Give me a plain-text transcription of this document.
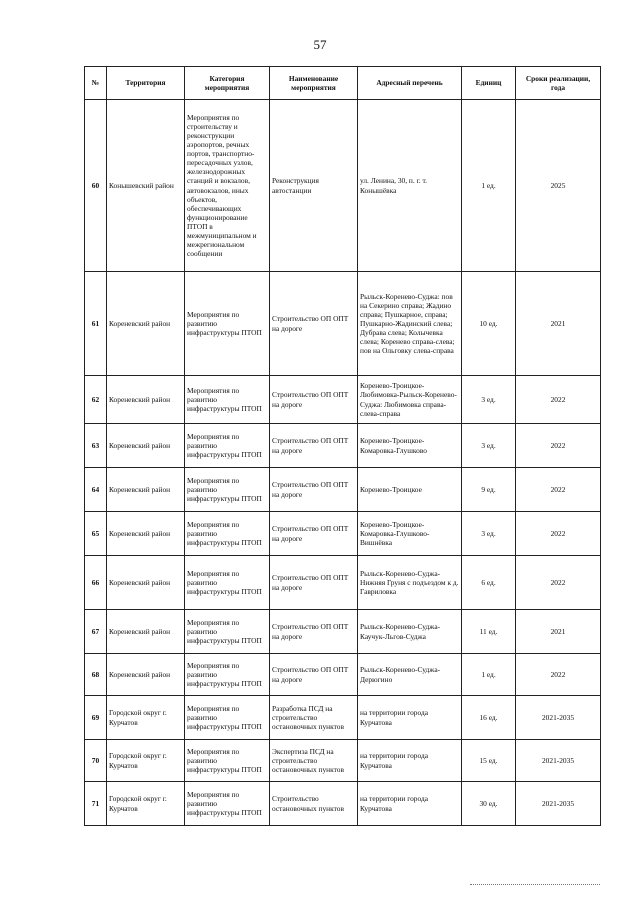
57
№	Территория	Категория мероприятия	Наименование мероприятия	Адресный перечень	Единиц	Сроки реализации, года
60	Конышевский район	Мероприятия по строительству и реконструкции аэропортов, речных портов, транспортно-пересадочных узлов, железнодорожных станций и вокзалов, автовокзалов, иных объектов, обеспечивающих функционирование ПТОП в межмуниципальном и межрегиональном сообщении	Реконструкция автостанции	ул. Ленина, 30, п. г. т. Конышёвка	1 ед.	2025
61	Кореневский район	Мероприятия по развитию инфраструктуры ПТОП	Строительство ОП ОПТ на дороге	Рыльск-Коренево-Суджа: пов на Секерино справа; Жадино справа; Пушкарное, справа; Пушкарно-Жадинский слева; Дубрава слева; Колычевка слева; Коренево справа-слева; пов на Ольговку слева-справа	10 ед.	2021
62	Кореневский район	Мероприятия по развитию инфраструктуры ПТОП	Строительство ОП ОПТ на дороге	Коренево-Троицкое-Любимовка-Рыльск-Коренево-Суджа: Любимовка справа-слева-справа	3 ед.	2022
63	Кореневский район	Мероприятия по развитию инфраструктуры ПТОП	Строительство ОП ОПТ на дороге	Коренево-Троицкое-Комаровка-Глушково	3 ед.	2022
64	Кореневский район	Мероприятия по развитию инфраструктуры ПТОП	Строительство ОП ОПТ на дороге	Коренево-Троицкое	9 ед.	2022
65	Кореневский район	Мероприятия по развитию инфраструктуры ПТОП	Строительство ОП ОПТ на дороге	Коренево-Троицкое-Комаровка-Глушково-Вишнёвка	3 ед.	2022
66	Кореневский район	Мероприятия по развитию инфраструктуры ПТОП	Строительство ОП ОПТ на дороге	Рыльск-Коренево-Суджа-Нижняя Груня с подъездом к д. Гавриловка	6 ед.	2022
67	Кореневский район	Мероприятия по развитию инфраструктуры ПТОП	Строительство ОП ОПТ на дороге	Рыльск-Коренево-Суджа-Каучук-Льгов-Суджа	11 ед.	2021
68	Кореневский район	Мероприятия по развитию инфраструктуры ПТОП	Строительство ОП ОПТ на дороге	Рыльск-Коренево-Суджа-Дерюгино	1 ед.	2022
69	Городской округ г. Курчатов	Мероприятия по развитию инфраструктуры ПТОП	Разработка ПСД на строительство остановочных пунктов	на территории города Курчатова	16 ед.	2021-2035
70	Городской округ г. Курчатов	Мероприятия по развитию инфраструктуры ПТОП	Экспертиза ПСД на строительство остановочных пунктов	на территории города Курчатова	15 ед.	2021-2035
71	Городской округ г. Курчатов	Мероприятия по развитию инфраструктуры ПТОП	Строительство остановочных пунктов	на территории города Курчатова	30 ед.	2021-2035
